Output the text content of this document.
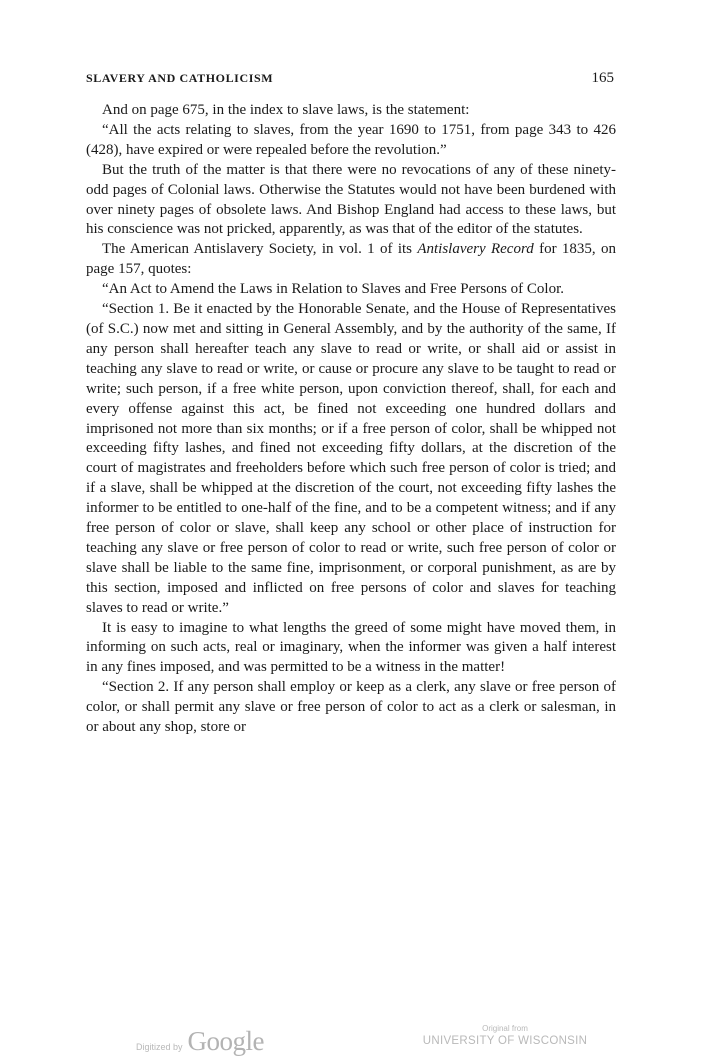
SLAVERY AND CATHOLICISM	165

And on page 675, in the index to slave laws, is the statement:

“All the acts relating to slaves, from the year 1690 to 1751, from page 343 to 426 (428), have expired or were repealed before the revolution.”

But the truth of the matter is that there were no revocations of any of these ninety-odd pages of Colonial laws. Otherwise the Statutes would not have been burdened with over ninety pages of obsolete laws. And Bishop England had access to these laws, but his conscience was not pricked, apparently, as was that of the editor of the statutes.

The American Antislavery Society, in vol. 1 of its Antislavery Record for 1835, on page 157, quotes:

“An Act to Amend the Laws in Relation to Slaves and Free Persons of Color.

“Section 1. Be it enacted by the Honorable Senate, and the House of Representatives (of S.C.) now met and sitting in General Assembly, and by the authority of the same, If any person shall hereafter teach any slave to read or write, or shall aid or assist in teaching any slave to read or write, or cause or procure any slave to be taught to read or write; such person, if a free white person, upon conviction thereof, shall, for each and every offense against this act, be fined not exceeding one hundred dollars and imprisoned not more than six months; or if a free person of color, shall be whipped not exceeding fifty lashes, and fined not exceeding fifty dollars, at the discretion of the court of magistrates and freeholders before which such free person of color is tried; and if a slave, shall be whipped at the discretion of the court, not exceeding fifty lashes the informer to be entitled to one-half of the fine, and to be a competent witness; and if any free person of color or slave, shall keep any school or other place of instruction for teaching any slave or free person of color to read or write, such free person of color or slave shall be liable to the same fine, imprisonment, or corporal punishment, as are by this section, imposed and inflicted on free persons of color and slaves for teaching slaves to read or write.”

It is easy to imagine to what lengths the greed of some might have moved them, in informing on such acts, real or imaginary, when the informer was given a half interest in any fines imposed, and was permitted to be a witness in the matter!

“Section 2. If any person shall employ or keep as a clerk, any slave or free person of color, or shall permit any slave or free person of color to act as a clerk or salesman, in or about any shop, store or

Digitized by Google	Original from
UNIVERSITY OF WISCONSIN
